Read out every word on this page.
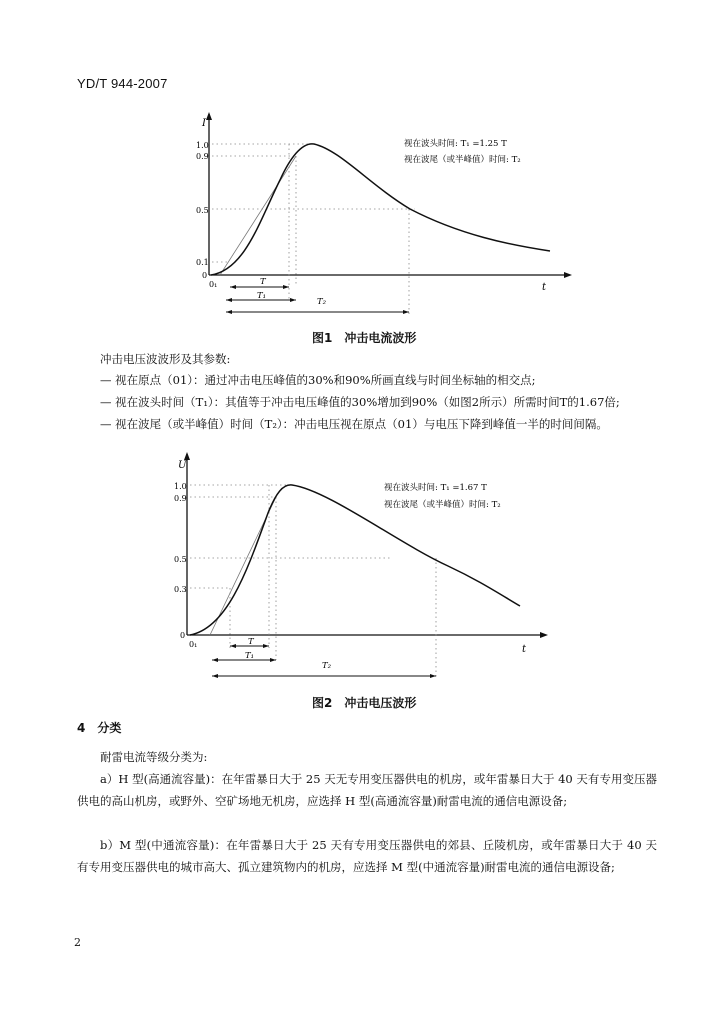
YD/T 944-2007
I
t
1.0
0.9
0.5
0.1
0
0₁
视在波头时间: T₁ =1.25 T
视在波尾（或半峰值）时间: T₂
T
T₁
T₂
图1　冲击电流波形
冲击电压波波形及其参数:
— 视在原点（01）：通过冲击电压峰值的30%和90%所画直线与时间坐标轴的相交点;
— 视在波头时间（T₁）：其值等于冲击电压峰值的30%增加到90%（如图2所示）所需时间T的1.67倍;
— 视在波尾（或半峰值）时间（T₂）：冲击电压视在原点（01）与电压下降到峰值一半的时间间隔。
U
t
1.0
0.9
0.5
0.3
0
0₁
视在波头时间: T₁ =1.67 T
视在波尾（或半峰值）时间: T₂
T
T₁
T₂
图2　冲击电压波形
4　分类
耐雷电流等级分类为:
a）H 型(高通流容量)：在年雷暴日大于 25 天无专用变压器供电的机房，或年雷暴日大于 40 天有专用变压器供电的高山机房，或野外、空矿场地无机房，应选择 H 型(高通流容量)耐雷电流的通信电源设备;
b）M 型(中通流容量)：在年雷暴日大于 25 天有专用变压器供电的郊县、丘陵机房，或年雷暴日大于 40 天有专用变压器供电的城市高大、孤立建筑物内的机房，应选择 M 型(中通流容量)耐雷电流的通信电源设备;
2
